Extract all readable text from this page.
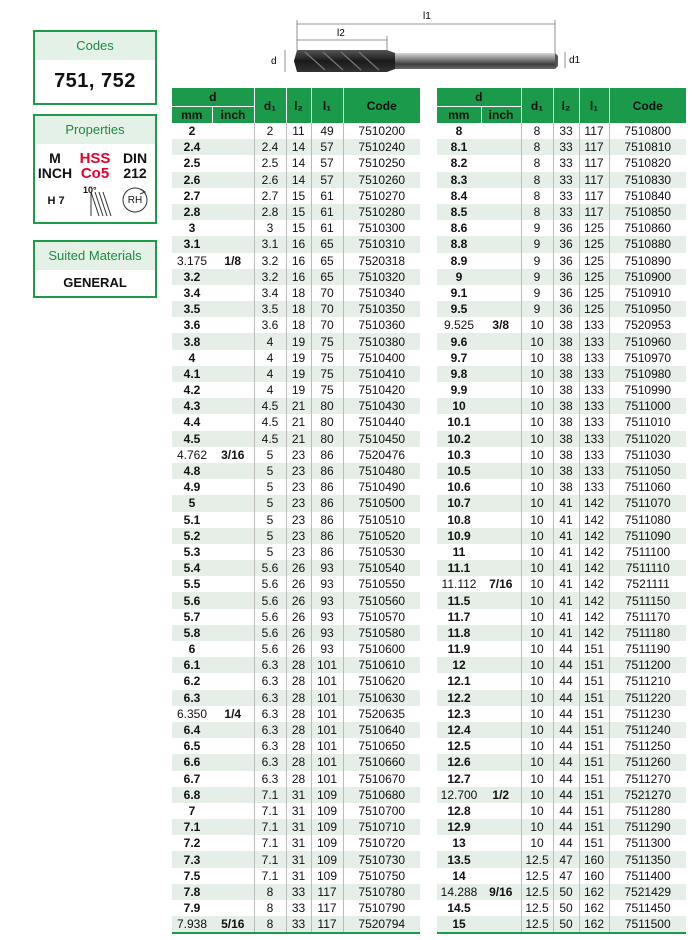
Codes
751, 752
Properties
M
INCH
HSS
Co5
DIN
212
H 7
10°
RH
Suited Materials
GENERAL
l1
l2
d	d1
d		d₁	l₂	l₁	Code
mm	inch				
2		2	11	49	7510200
2.4		2.4	14	57	7510240
2.5		2.5	14	57	7510250
2.6		2.6	14	57	7510260
2.7		2.7	15	61	7510270
2.8		2.8	15	61	7510280
3		3	15	61	7510300
3.1		3.1	16	65	7510310
3.175	1/8	3.2	16	65	7520318
3.2		3.2	16	65	7510320
3.4		3.4	18	70	7510340
3.5		3.5	18	70	7510350
3.6		3.6	18	70	7510360
3.8		4	19	75	7510380
4		4	19	75	7510400
4.1		4	19	75	7510410
4.2		4	19	75	7510420
4.3		4.5	21	80	7510430
4.4		4.5	21	80	7510440
4.5		4.5	21	80	7510450
4.762	3/16	5	23	86	7520476
4.8		5	23	86	7510480
4.9		5	23	86	7510490
5		5	23	86	7510500
5.1		5	23	86	7510510
5.2		5	23	86	7510520
5.3		5	23	86	7510530
5.4		5.6	26	93	7510540
5.5		5.6	26	93	7510550
5.6		5.6	26	93	7510560
5.7		5.6	26	93	7510570
5.8		5.6	26	93	7510580
6		5.6	26	93	7510600
6.1		6.3	28	101	7510610
6.2		6.3	28	101	7510620
6.3		6.3	28	101	7510630
6.350	1/4	6.3	28	101	7520635
6.4		6.3	28	101	7510640
6.5		6.3	28	101	7510650
6.6		6.3	28	101	7510660
6.7		6.3	28	101	7510670
6.8		7.1	31	109	7510680
7		7.1	31	109	7510700
7.1		7.1	31	109	7510710
7.2		7.1	31	109	7510720
7.3		7.1	31	109	7510730
7.5		7.1	31	109	7510750
7.8		8	33	117	7510780
7.9		8	33	117	7510790
7.938	5/16	8	33	117	7520794
d		d₁	l₂	l₁	Code
mm	inch				
8		8	33	117	7510800
8.1		8	33	117	7510810
8.2		8	33	117	7510820
8.3		8	33	117	7510830
8.4		8	33	117	7510840
8.5		8	33	117	7510850
8.6		9	36	125	7510860
8.8		9	36	125	7510880
8.9		9	36	125	7510890
9		9	36	125	7510900
9.1		9	36	125	7510910
9.5		9	36	125	7510950
9.525	3/8	10	38	133	7520953
9.6		10	38	133	7510960
9.7		10	38	133	7510970
9.8		10	38	133	7510980
9.9		10	38	133	7510990
10		10	38	133	7511000
10.1		10	38	133	7511010
10.2		10	38	133	7511020
10.3		10	38	133	7511030
10.5		10	38	133	7511050
10.6		10	38	133	7511060
10.7		10	41	142	7511070
10.8		10	41	142	7511080
10.9		10	41	142	7511090
11		10	41	142	7511100
11.1		10	41	142	7511110
11.112	7/16	10	41	142	7521111
11.5		10	41	142	7511150
11.7		10	41	142	7511170
11.8		10	41	142	7511180
11.9		10	44	151	7511190
12		10	44	151	7511200
12.1		10	44	151	7511210
12.2		10	44	151	7511220
12.3		10	44	151	7511230
12.4		10	44	151	7511240
12.5		10	44	151	7511250
12.6		10	44	151	7511260
12.7		10	44	151	7511270
12.700	1/2	10	44	151	7521270
12.8		10	44	151	7511280
12.9		10	44	151	7511290
13		10	44	151	7511300
13.5		12.5	47	160	7511350
14		12.5	47	160	7511400
14.288	9/16	12.5	50	162	7521429
14.5		12.5	50	162	7511450
15		12.5	50	162	7511500
